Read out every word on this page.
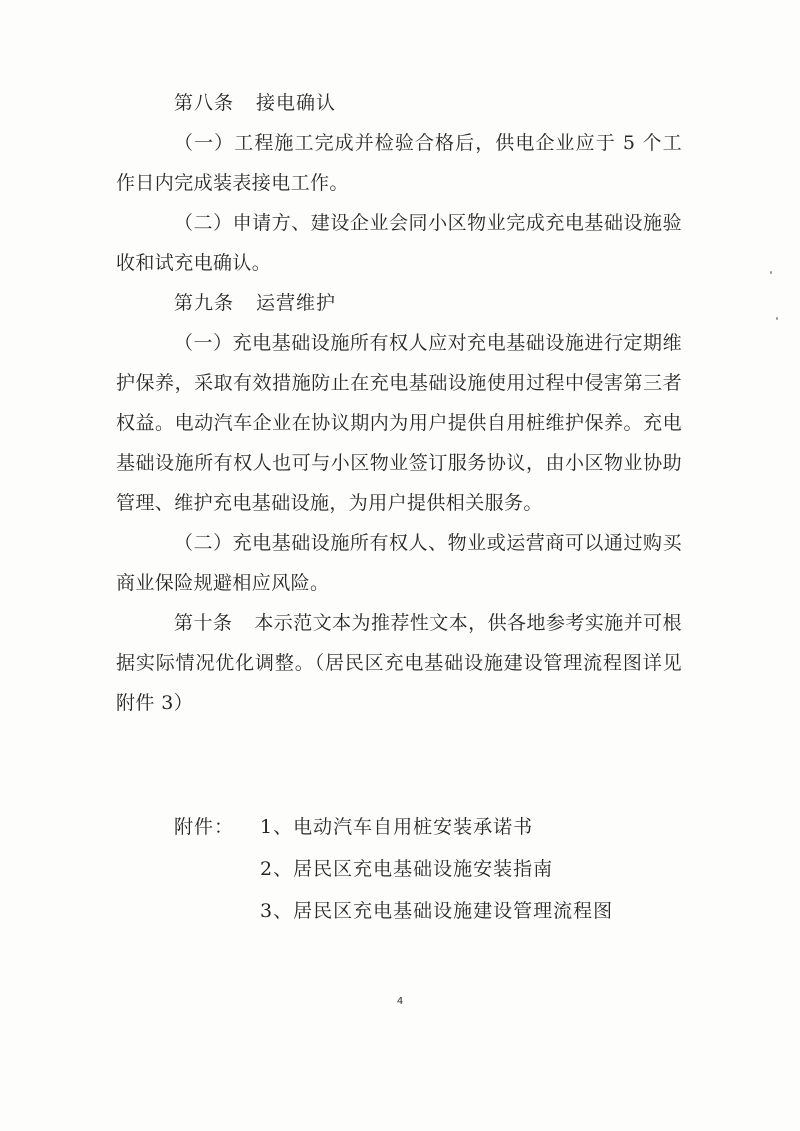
第八条 接电确认

（一）工程施工完成并检验合格后，供电企业应于 5 个工作日内完成装表接电工作。

（二）申请方、建设企业会同小区物业完成充电基础设施验收和试充电确认。

第九条 运营维护

（一）充电基础设施所有权人应对充电基础设施进行定期维护保养，采取有效措施防止在充电基础设施使用过程中侵害第三者权益。电动汽车企业在协议期内为用户提供自用桩维护保养。充电基础设施所有权人也可与小区物业签订服务协议，由小区物业协助管理、维护充电基础设施，为用户提供相关服务。

（二）充电基础设施所有权人、物业或运营商可以通过购买商业保险规避相应风险。

第十条 本示范文本为推荐性文本，供各地参考实施并可根据实际情况优化调整。（居民区充电基础设施建设管理流程图详见附件 3）

附件： 1、电动汽车自用桩安装承诺书
2、居民区充电基础设施安装指南
3、居民区充电基础设施建设管理流程图
4
